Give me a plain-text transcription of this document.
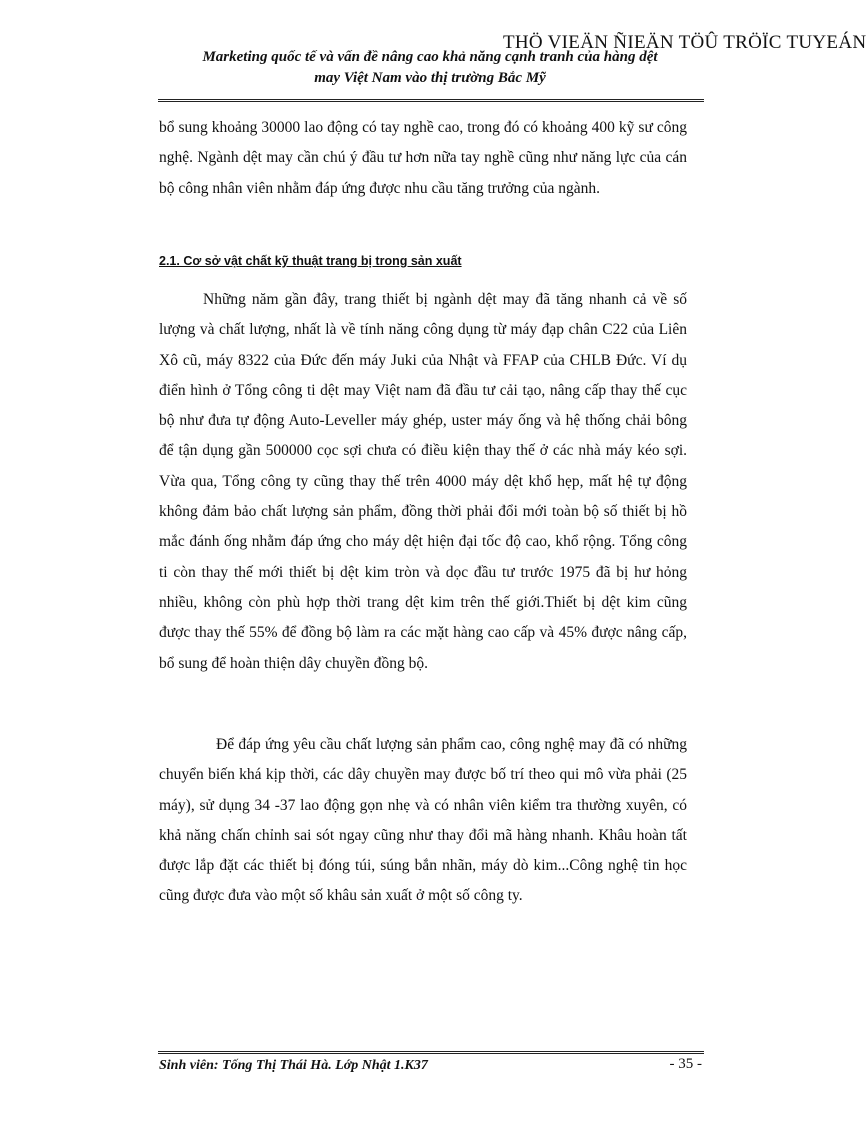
THÖ VIEÄN ÑIEÄN TÖÛ TRÖÏC TUYEÁN
Marketing quốc tế và vấn đề nâng cao khả năng cạnh tranh của hàng dệt
may Việt Nam vào thị trường Bắc Mỹ

bổ sung khoảng 30000 lao động có tay nghề cao, trong đó có khoảng 400 kỹ sư công nghệ. Ngành dệt may cần chú ý đầu tư hơn nữa tay nghề cũng như năng lực của cán bộ công nhân viên nhằm đáp ứng được nhu cầu tăng trưởng của ngành.

2.1. Cơ sở vật chất kỹ thuật trang bị trong sản xuất

Những năm gần đây, trang thiết bị ngành dệt may đã tăng nhanh cả về số lượng và chất lượng, nhất là về tính năng công dụng từ máy đạp chân C22 của Liên Xô cũ, máy 8322 của Đức đến máy Juki của Nhật và FFAP của CHLB Đức. Ví dụ điển hình ở Tổng công ti dệt may Việt nam đã đầu tư cải tạo, nâng cấp thay thế cục bộ như đưa tự động Auto-Leveller máy ghép, uster máy ống và hệ thống chải bông để tận dụng gần 500000 cọc sợi chưa có điều kiện thay thế ở các nhà máy kéo sợi. Vừa qua, Tổng công ty cũng thay thế trên 4000 máy dệt khổ hẹp, mất hệ tự động không đảm bảo chất lượng sản phẩm, đồng thời phải đổi mới toàn bộ số thiết bị hồ mắc đánh ống nhằm đáp ứng cho máy dệt hiện đại tốc độ cao, khổ rộng. Tổng công ti còn thay thế mới thiết bị dệt kim tròn và dọc đầu tư trước 1975 đã bị hư hỏng nhiều, không còn phù hợp thời trang dệt kim trên thế giới.Thiết bị dệt kim cũng được thay thế 55% để đồng bộ làm ra các mặt hàng cao cấp và 45% được nâng cấp, bổ sung để hoàn thiện dây chuyền đồng bộ.

Để đáp ứng yêu cầu chất lượng sản phẩm cao, công nghệ may đã có những chuyển biến khá kịp thời, các dây chuyền may được bố trí theo qui mô vừa phải (25 máy), sử dụng 34 -37 lao động gọn nhẹ và có nhân viên kiểm tra thường xuyên, có khả năng chấn chỉnh sai sót ngay cũng như thay đổi mã hàng nhanh. Khâu hoàn tất được lắp đặt các thiết bị đóng túi, súng bắn nhãn, máy dò kim...Công nghệ tin học cũng được đưa vào một số khâu sản xuất ở một số công ty.

Sinh viên: Tống Thị Thái Hà. Lớp Nhật 1.K37	- 35 -
